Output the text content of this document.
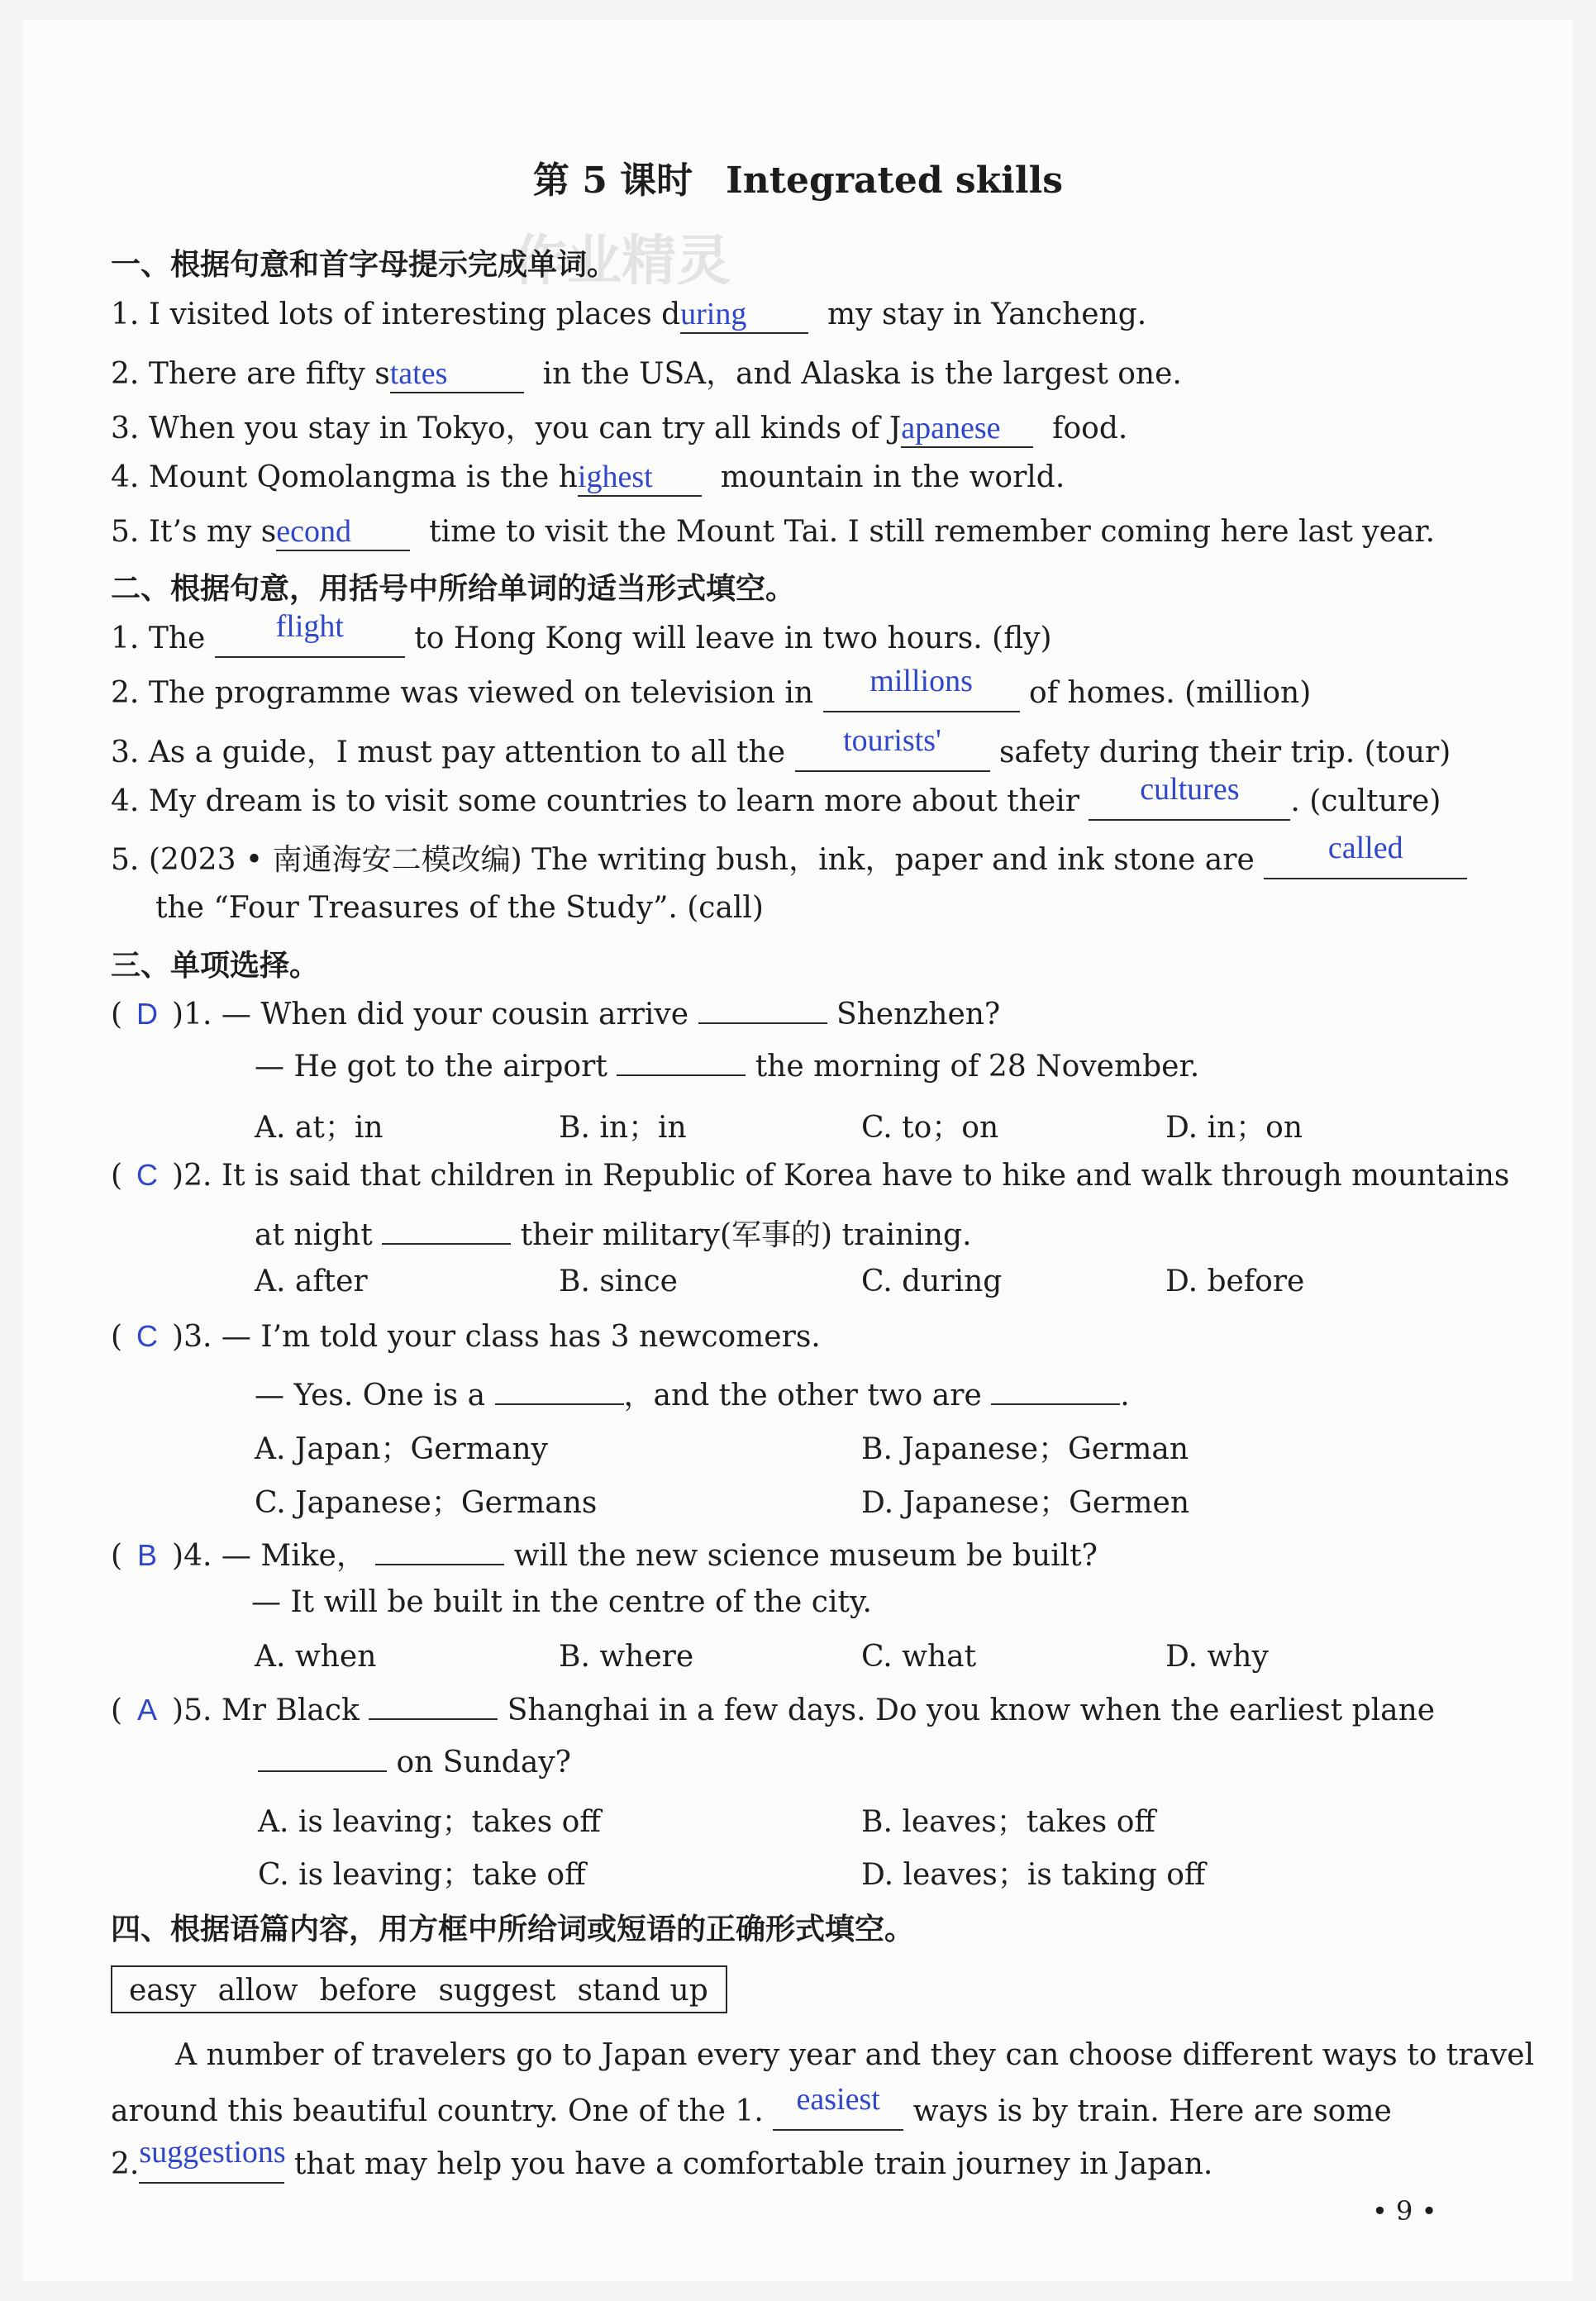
第 5 课时 Integrated skills
作业精灵
一、根据句意和首字母提示完成单词。
1. I visited lots of interesting places during	my stay in Yancheng.
2. There are fifty states	in the USA，and Alaska is the largest one.
3. When you stay in Tokyo，you can try all kinds of Japanese food.
4. Mount Qomolangma is the highest mountain in the world.
5. It’s my second	time to visit the Mount Tai. I still remember coming here last year.
二、根据句意，用括号中所给单词的适当形式填空。
1. The flight to Hong Kong will leave in two hours. (fly)
2. The programme was viewed on television in millions of homes. (million)
3. As a guide，I must pay attention to all the tourists' safety during their trip. (tour)
4. My dream is to visit some countries to learn more about their cultures . (culture)
5. (2023 • 南通海安二模改编) The writing bush，ink，paper and ink stone are called
the “Four Treasures of the Study”. (call)
三、单项选择。
( D )1. — When did your cousin arrive	Shenzhen?
— He got to the airport	the morning of 28 November.
A. at；in	B. in；in	C. to；on	D. in；on
( C )2. It is said that children in Republic of Korea have to hike and walk through mountains
at night	their military(军事的) training.
A. after	B. since	C. during	D. before
( C )3. — I’m told your class has 3 newcomers.
— Yes. One is a	，and the other two are	.
A. Japan；Germany	B. Japanese；German
C. Japanese；Germans	D. Japanese；Germen
( B )4. — Mike，	will the new science museum be built?
— It will be built in the centre of the city.
A. when	B. where	C. what	D. why
( A )5. Mr Black	Shanghai in a few days. Do you know when the earliest plane
on Sunday?
A. is leaving；takes off	B. leaves；takes off
C. is leaving；take off	D. leaves；is taking off
四、根据语篇内容，用方框中所给词或短语的正确形式填空。
easy allow before suggest stand up
A number of travelers go to Japan every year and they can choose different ways to travel
around this beautiful country. One of the 1. easiest ways is by train. Here are some
2.suggestions that may help you have a comfortable train journey in Japan.
• 9 •
